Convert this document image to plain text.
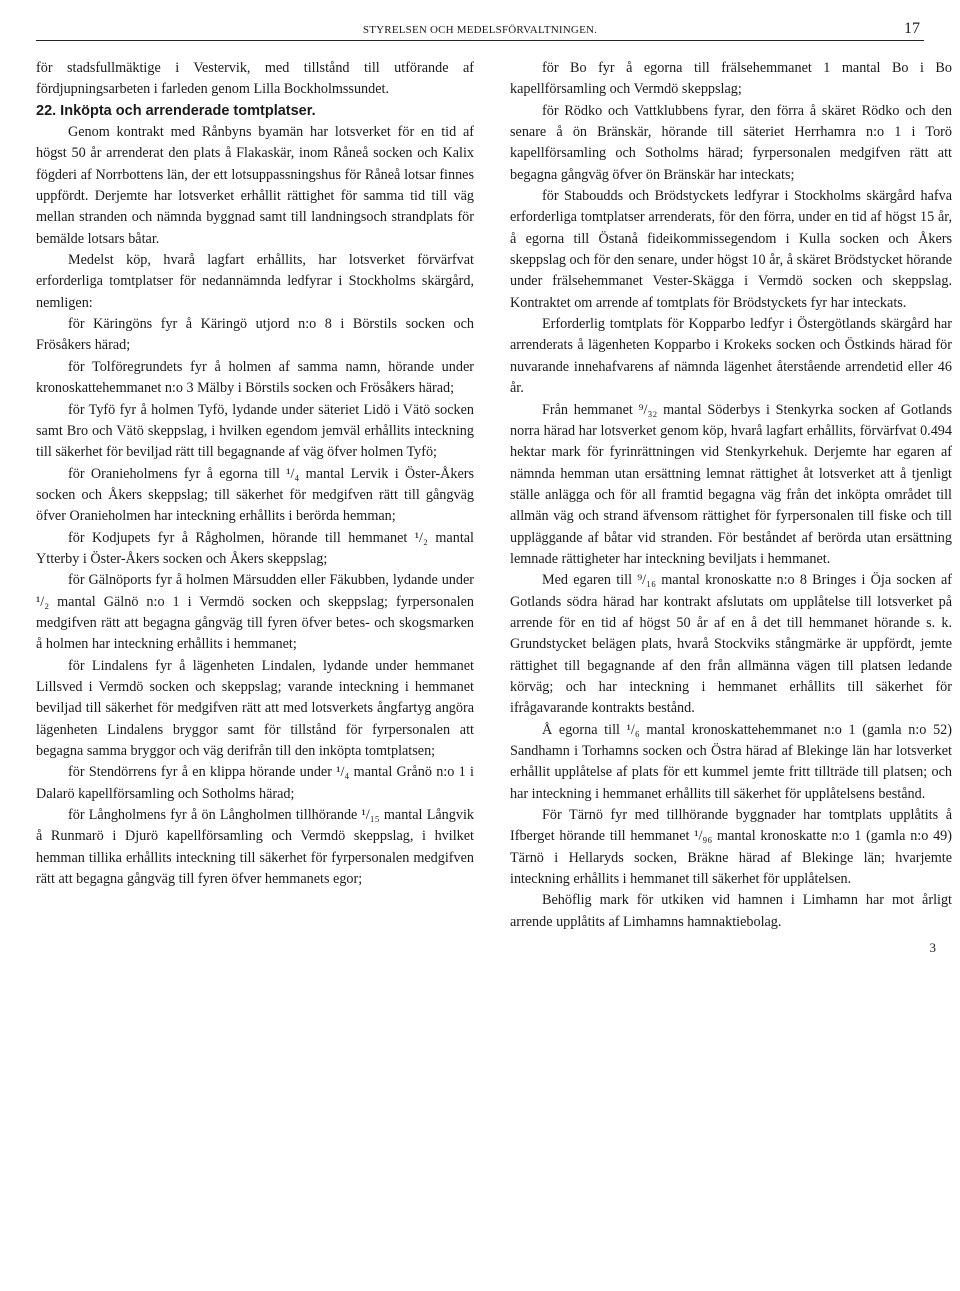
STYRELSEN OCH MEDELSFÖRVALTNINGEN.	17

för stadsfullmäktige i Vestervik, med tillstånd till utförande af fördjupningsarbeten i farleden genom Lilla Bockholmssundet.

22. Inköpta och arrenderade tomtplatser.

Genom kontrakt med Rånbyns byamän har lotsverket för en tid af högst 50 år arrenderat den plats å Flakaskär, inom Råneå socken och Kalix fögderi af Norrbottens län, der ett lotsuppassningshus för Råneå lotsar finnes uppfördt. Derjemte har lotsverket erhållit rättighet för samma tid till väg mellan stranden och nämnda byggnad samt till landningsoch strandplats för bemälde lotsars båtar.

Medelst köp, hvarå lagfart erhållits, har lotsverket förvärfvat erforderliga tomtplatser för nedannämnda ledfyrar i Stockholms skärgård, nemligen:

för Käringöns fyr å Käringö utjord n:o 8 i Börstils socken och Frösåkers härad;

för Tolföregrundets fyr å holmen af samma namn, hörande under kronoskattehemmanet n:o 3 Mälby i Börstils socken och Frösåkers härad;

för Tyfö fyr å holmen Tyfö, lydande under säteriet Lidö i Vätö socken samt Bro och Vätö skeppslag, i hvilken egendom jemväl erhållits inteckning till säkerhet för beviljad rätt till begagnande af väg öfver holmen Tyfö;

för Oranieholmens fyr å egorna till ¹/₄ mantal Lervik i Öster-Åkers socken och Åkers skeppslag; till säkerhet för medgifven rätt till gångväg öfver Oranieholmen har inteckning erhållits i berörda hemman;

för Kodjupets fyr å Rågholmen, hörande till hemmanet ¹/₂ mantal Ytterby i Öster-Åkers socken och Åkers skeppslag;

för Gälnöports fyr å holmen Märsudden eller Fäkubben, lydande under ¹/₂ mantal Gälnö n:o 1 i Vermdö socken och skeppslag; fyrpersonalen medgifven rätt att begagna gångväg till fyren öfver betes- och skogsmarken å holmen har inteckning erhållits i hemmanet;

för Lindalens fyr å lägenheten Lindalen, lydande under hemmanet Lillsved i Vermdö socken och skeppslag; varande inteckning i hemmanet beviljad till säkerhet för medgifven rätt att med lotsverkets ångfartyg angöra lägenheten Lindalens bryggor samt för tillstånd för fyrpersonalen att begagna samma bryggor och väg derifrån till den inköpta tomtplatsen;

för Stendörrens fyr å en klippa hörande under ¹/₄ mantal Grånö n:o 1 i Dalarö kapellförsamling och Sotholms härad;

för Långholmens fyr å ön Långholmen tillhörande ¹/₁₅ mantal Långvik å Runmarö i Djurö kapellförsamling och Vermdö skeppslag, i hvilket hemman tillika erhållits inteckning till säkerhet för fyrpersonalen medgifven rätt att begagna gångväg till fyren öfver hemmanets egor;

för Bo fyr å egorna till frälsehemmanet 1 mantal Bo i Bo kapellförsamling och Vermdö skeppslag;

för Rödko och Vattklubbens fyrar, den förra å skäret Rödko och den senare å ön Bränskär, hörande till säteriet Herrhamra n:o 1 i Torö kapellförsamling och Sotholms härad; fyrpersonalen medgifven rätt att begagna gångväg öfver ön Bränskär har inteckats;

för Staboudds och Brödstyckets ledfyrar i Stockholms skärgård hafva erforderliga tomtplatser arrenderats, för den förra, under en tid af högst 15 år, å egorna till Östanå fideikommissegendom i Kulla socken och Åkers skeppslag och för den senare, under högst 10 år, å skäret Brödstycket hörande under frälsehemmanet Vester-Skägga i Vermdö socken och skeppslag. Kontraktet om arrende af tomtplats för Brödstyckets fyr har inteckats.

Erforderlig tomtplats för Kopparbo ledfyr i Östergötlands skärgård har arrenderats å lägenheten Kopparbo i Krokeks socken och Östkinds härad för nuvarande innehafvarens af nämnda lägenhet återstående arrendetid eller 46 år.

Från hemmanet ⁹/₃₂ mantal Söderbys i Stenkyrka socken af Gotlands norra härad har lotsverket genom köp, hvarå lagfart erhållits, förvärfvat 0.494 hektar mark för fyrinrättningen vid Stenkyrkehuk. Derjemte har egaren af nämnda hemman utan ersättning lemnat rättighet åt lotsverket att å tjenligt ställe anlägga och för all framtid begagna väg från det inköpta området till allmän väg och strand äfvensom rättighet för fyrpersonalen till fiske och till uppläggande af båtar vid stranden. För beståndet af berörda utan ersättning lemnade rättigheter har inteckning beviljats i hemmanet.

Med egaren till ⁹/₁₆ mantal kronoskatte n:o 8 Bringes i Öja socken af Gotlands södra härad har kontrakt afslutats om upplåtelse till lotsverket på arrende för en tid af högst 50 år af en å det till hemmanet hörande s. k. Grundstycket belägen plats, hvarå Stockviks stångmärke är uppfördt, jemte rättighet till begagnande af den från allmänna vägen till platsen ledande körväg; och har inteckning i hemmanet erhållits till säkerhet för ifrågavarande kontrakts bestånd.

Å egorna till ¹/₆ mantal kronoskattehemmanet n:o 1 (gamla n:o 52) Sandhamn i Torhamns socken och Östra härad af Blekinge län har lotsverket erhållit upplåtelse af plats för ett kummel jemte fritt tillträde till platsen; och har inteckning i hemmanet erhållits till säkerhet för upplåtelsens bestånd.

För Tärnö fyr med tillhörande byggnader har tomtplats upplåtits å Ifberget hörande till hemmanet ¹/₉₆ mantal kronoskatte n:o 1 (gamla n:o 49) Tärnö i Hellaryds socken, Bräkne härad af Blekinge län; hvarjemte inteckning erhållits i hemmanet till säkerhet för upplåtelsen.

Behöflig mark för utkiken vid hamnen i Limhamn har mot årligt arrende upplåtits af Limhamns hamnaktiebolag.

3
